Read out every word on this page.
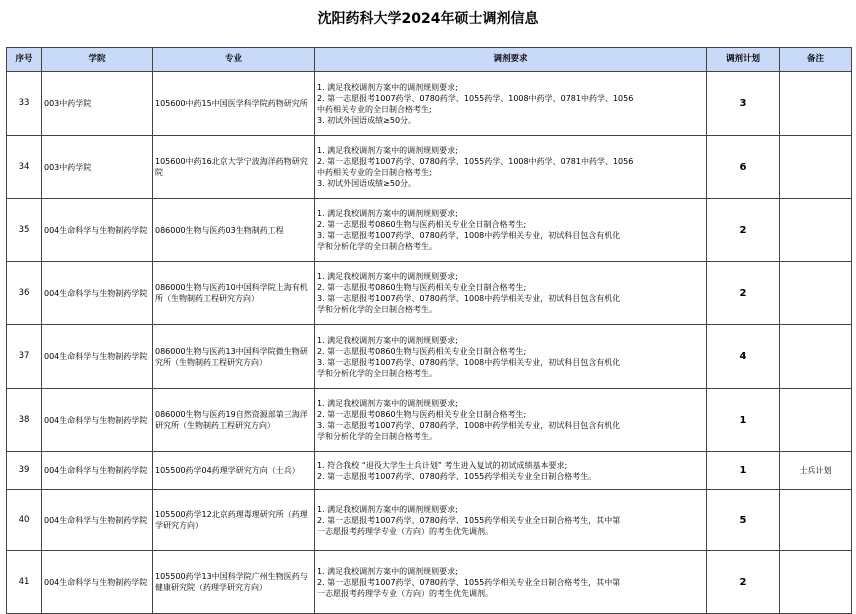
沈阳药科大学2024年硕士调剂信息
序号	学院	专业	调剂要求	调剂计划	备注
33	003中药学院	105600中药15中国医学科学院药物研究所	1. 满足我校调剂方案中的调剂规则要求;
2. 第一志愿报考1007药学、0780药学、1055药学、1008中药学、0781中药学、1056
中药相关专业的全日制合格考生;
3. 初试外国语成绩≥50分。	3	
34	003中药学院	105600中药16北京大学宁波海洋药物研究院	1. 满足我校调剂方案中的调剂规则要求;
2. 第一志愿报考1007药学、0780药学、1055药学、1008中药学、0781中药学、1056
中药相关专业的全日制合格考生;
3. 初试外国语成绩≥50分。	6	
35	004生命科学与生物制药学院	086000生物与医药03生物制药工程	1. 满足我校调剂方案中的调剂规则要求;
2. 第一志愿报考0860生物与医药相关专业全日制合格考生;
3. 第一志愿报考1007药学、0780药学、1008中药学相关专业，初试科目包含有机化
学和分析化学的全日制合格考生。	2	
36	004生命科学与生物制药学院	086000生物与医药10中国科学院上海有机所（生物制药工程研究方向）	1. 满足我校调剂方案中的调剂规则要求;
2. 第一志愿报考0860生物与医药相关专业全日制合格考生;
3. 第一志愿报考1007药学、0780药学、1008中药学相关专业，初试科目包含有机化
学和分析化学的全日制合格考生。	2	
37	004生命科学与生物制药学院	086000生物与医药13中国科学院微生物研究所（生物制药工程研究方向）	1. 满足我校调剂方案中的调剂规则要求;
2. 第一志愿报考0860生物与医药相关专业全日制合格考生;
3. 第一志愿报考1007药学、0780药学、1008中药学相关专业，初试科目包含有机化
学和分析化学的全日制合格考生。	4	
38	004生命科学与生物制药学院	086000生物与医药19自然资源部第三海洋研究所（生物制药工程研究方向）	1. 满足我校调剂方案中的调剂规则要求;
2. 第一志愿报考0860生物与医药相关专业全日制合格考生;
3. 第一志愿报考1007药学、0780药学、1008中药学相关专业，初试科目包含有机化
学和分析化学的全日制合格考生。	1	
39	004生命科学与生物制药学院	105500药学04药理学研究方向（士兵）	1. 符合我校 “退役大学生士兵计划” 考生进入复试的初试成绩基本要求;
2. 第一志愿报考1007药学、0780药学、1055药学相关专业全日制合格考生。	1	士兵计划
40	004生命科学与生物制药学院	105500药学12北京药理毒理研究所（药理学研究方向）	1. 满足我校调剂方案中的调剂规则要求;
2. 第一志愿报考1007药学、0780药学、1055药学相关专业全日制合格考生，其中第
一志愿报考药理学专业（方向）的考生优先调剂。	5	
41	004生命科学与生物制药学院	105500药学13中国科学院广州生物医药与健康研究院（药理学研究方向）	1. 满足我校调剂方案中的调剂规则要求;
2. 第一志愿报考1007药学、0780药学、1055药学相关专业全日制合格考生，其中第
一志愿报考药理学专业（方向）的考生优先调剂。	2	
